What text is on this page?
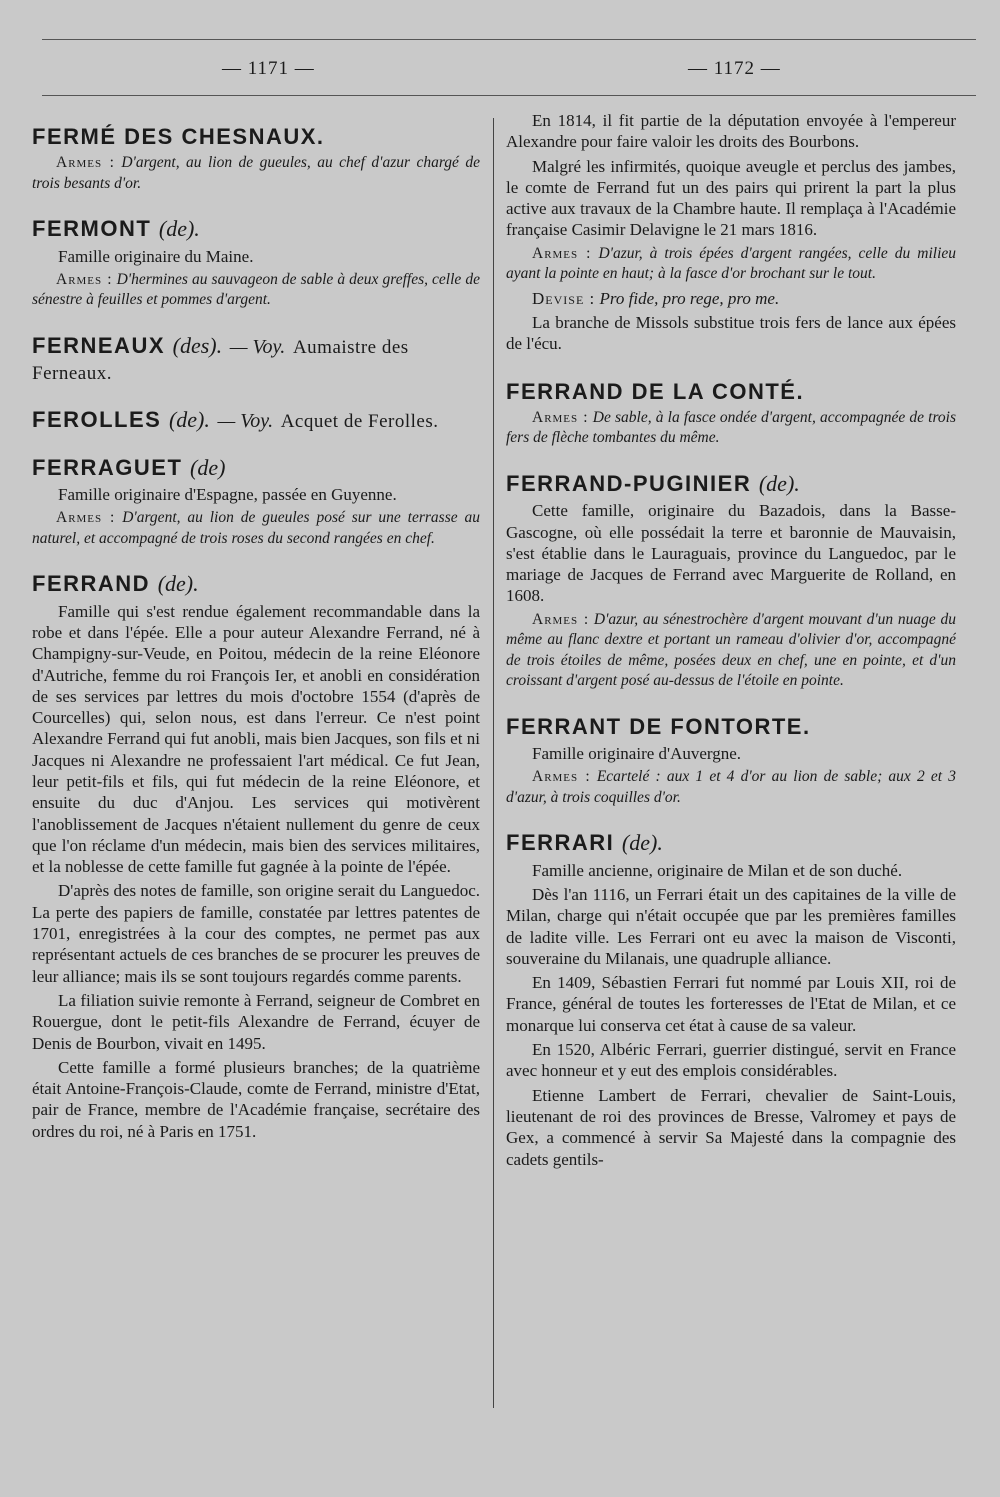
— 1171 —	— 1172 —
FERMÉ DES CHESNAUX.

Armes : D'argent, au lion de gueules, au chef d'azur chargé de trois besants d'or.

FERMONT (de).

Famille originaire du Maine.

Armes : D'hermines au sauvageon de sable à deux greffes, celle de sénestre à feuilles et pommes d'argent.

FERNEAUX (des). — Voy. Aumaistre des Ferneaux.
FEROLLES (de). — Voy. Acquet de Ferolles.
FERRAGUET (de)

Famille originaire d'Espagne, passée en Guyenne.

Armes : D'argent, au lion de gueules posé sur une terrasse au naturel, et accompagné de trois roses du second rangées en chef.

FERRAND (de).

Famille qui s'est rendue également recommandable dans la robe et dans l'épée. Elle a pour auteur Alexandre Ferrand, né à Champigny-sur-Veude, en Poitou, médecin de la reine Eléonore d'Autriche, femme du roi François Ier, et anobli en considération de ses services par lettres du mois d'octobre 1554 (d'après de Courcelles) qui, selon nous, est dans l'erreur. Ce n'est point Alexandre Ferrand qui fut anobli, mais bien Jacques, son fils et ni Jacques ni Alexandre ne professaient l'art médical. Ce fut Jean, leur petit-fils et fils, qui fut médecin de la reine Eléonore, et ensuite du duc d'Anjou. Les services qui motivèrent l'anoblissement de Jacques n'étaient nullement du genre de ceux que l'on réclame d'un médecin, mais bien des services militaires, et la noblesse de cette famille fut gagnée à la pointe de l'épée.

D'après des notes de famille, son origine serait du Languedoc. La perte des papiers de famille, constatée par lettres patentes de 1701, enregistrées à la cour des comptes, ne permet pas aux représentant actuels de ces branches de se procurer les preuves de leur alliance; mais ils se sont toujours regardés comme parents.

La filiation suivie remonte à Ferrand, seigneur de Combret en Rouergue, dont le petit-fils Alexandre de Ferrand, écuyer de Denis de Bourbon, vivait en 1495.

Cette famille a formé plusieurs branches; de la quatrième était Antoine-François-Claude, comte de Ferrand, ministre d'Etat, pair de France, membre de l'Académie française, secrétaire des ordres du roi, né à Paris en 1751.

En 1814, il fit partie de la députation envoyée à l'empereur Alexandre pour faire valoir les droits des Bourbons.

Malgré les infirmités, quoique aveugle et perclus des jambes, le comte de Ferrand fut un des pairs qui prirent la part la plus active aux travaux de la Chambre haute. Il remplaça à l'Académie française Casimir Delavigne le 21 mars 1816.

Armes : D'azur, à trois épées d'argent rangées, celle du milieu ayant la pointe en haut; à la fasce d'or brochant sur le tout.

Devise : Pro fide, pro rege, pro me.

La branche de Missols substitue trois fers de lance aux épées de l'écu.

FERRAND DE LA CONTÉ.

Armes : De sable, à la fasce ondée d'argent, accompagnée de trois fers de flèche tombantes du même.

FERRAND-PUGINIER (de).

Cette famille, originaire du Bazadois, dans la Basse-Gascogne, où elle possédait la terre et baronnie de Mauvaisin, s'est établie dans le Lauraguais, province du Languedoc, par le mariage de Jacques de Ferrand avec Marguerite de Rolland, en 1608.

Armes : D'azur, au sénestrochère d'argent mouvant d'un nuage du même au flanc dextre et portant un rameau d'olivier d'or, accompagné de trois étoiles de même, posées deux en chef, une en pointe, et d'un croissant d'argent posé au-dessus de l'étoile en pointe.

FERRANT DE FONTORTE.

Famille originaire d'Auvergne.

Armes : Ecartelé : aux 1 et 4 d'or au lion de sable; aux 2 et 3 d'azur, à trois coquilles d'or.

FERRARI (de).

Famille ancienne, originaire de Milan et de son duché.

Dès l'an 1116, un Ferrari était un des capitaines de la ville de Milan, charge qui n'était occupée que par les premières familles de ladite ville. Les Ferrari ont eu avec la maison de Visconti, souveraine du Milanais, une quadruple alliance.

En 1409, Sébastien Ferrari fut nommé par Louis XII, roi de France, général de toutes les forteresses de l'Etat de Milan, et ce monarque lui conserva cet état à cause de sa valeur.

En 1520, Albéric Ferrari, guerrier distingué, servit en France avec honneur et y eut des emplois considérables.

Etienne Lambert de Ferrari, chevalier de Saint-Louis, lieutenant de roi des provinces de Bresse, Valromey et pays de Gex, a commencé à servir Sa Majesté dans la compagnie des cadets gentils-
